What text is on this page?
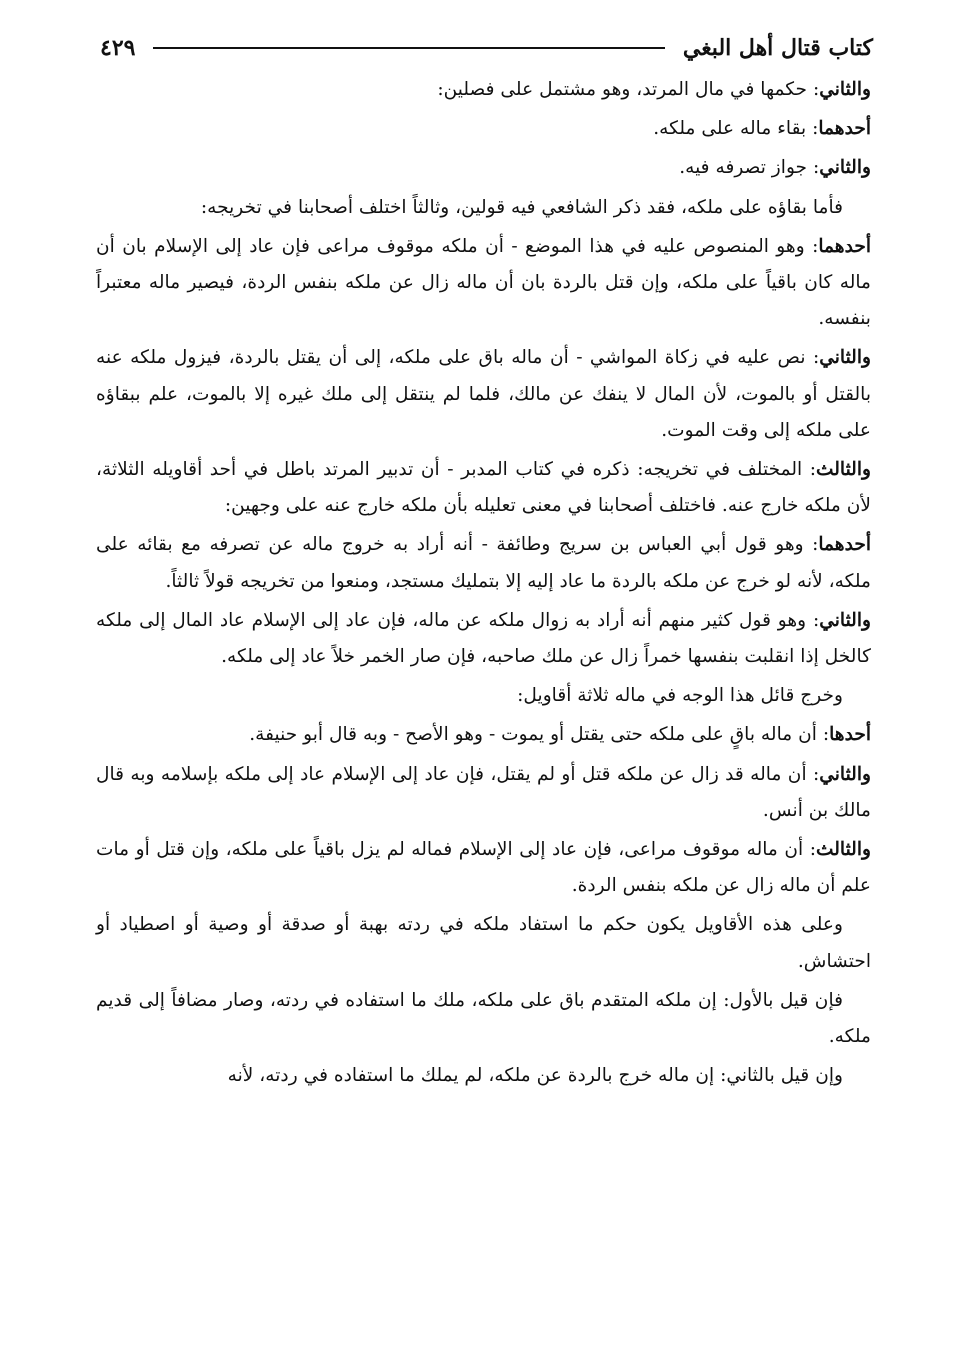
كتاب قتال أهل البغي
٤٢٩

والثاني: حكمها في مال المرتد، وهو مشتمل على فصلين:

أحدهما: بقاء ماله على ملكه.

والثاني: جواز تصرفه فيه.

فأما بقاؤه على ملكه، فقد ذكر الشافعي فيه قولين، وثالثاً اختلف أصحابنا في تخريجه:

أحدهما: وهو المنصوص عليه في هذا الموضع - أن ملكه موقوف مراعى فإن عاد إلى الإسلام بان أن ماله كان باقياً على ملكه، وإن قتل بالردة بان أن ماله زال عن ملكه بنفس الردة، فيصير ماله معتبراً بنفسه.

والثاني: نص عليه في زكاة المواشي - أن ماله باق على ملكه، إلى أن يقتل بالردة، فيزول ملكه عنه بالقتل أو بالموت، لأن المال لا ينفك عن مالك، فلما لم ينتقل إلى ملك غيره إلا بالموت، علم ببقاؤه على ملكه إلى وقت الموت.

والثالث: المختلف في تخريجه: ذكره في كتاب المدبر - أن تدبير المرتد باطل في أحد أقاويله الثلاثة، لأن ملكه خارج عنه. فاختلف أصحابنا في معنى تعليله بأن ملكه خارج عنه على وجهين:

أحدهما: وهو قول أبي العباس بن سريج وطائفة - أنه أراد به خروج ماله عن تصرفه مع بقائه على ملكه، لأنه لو خرج عن ملكه بالردة ما عاد إليه إلا بتمليك مستجد، ومنعوا من تخريجه قولاً ثالثاً.

والثاني: وهو قول كثير منهم أنه أراد به زوال ملكه عن ماله، فإن عاد إلى الإسلام عاد المال إلى ملكه كالخل إذا انقلبت بنفسها خمراً زال عن ملك صاحبه، فإن صار الخمر خلاً عاد إلى ملكه.

وخرج قائل هذا الوجه في ماله ثلاثة أقاويل:

أحدها: أن ماله باقٍ على ملكه حتى يقتل أو يموت - وهو الأصح - وبه قال أبو حنيفة.

والثاني: أن ماله قد زال عن ملكه قتل أو لم يقتل، فإن عاد إلى الإسلام عاد إلى ملكه بإسلامه وبه قال مالك بن أنس.

والثالث: أن ماله موقوف مراعى، فإن عاد إلى الإسلام فماله لم يزل باقياً على ملكه، وإن قتل أو مات علم أن ماله زال عن ملكه بنفس الردة.

وعلى هذه الأقاويل يكون حكم ما استفاد ملكه في ردته بهبة أو صدقة أو وصية أو اصطياد أو احتشاش.

فإن قيل بالأول: إن ملكه المتقدم باق على ملكه، ملك ما استفاده في ردته، وصار مضافاً إلى قديم ملكه.

وإن قيل بالثاني: إن ماله خرج بالردة عن ملكه، لم يملك ما استفاده في ردته، لأنه
